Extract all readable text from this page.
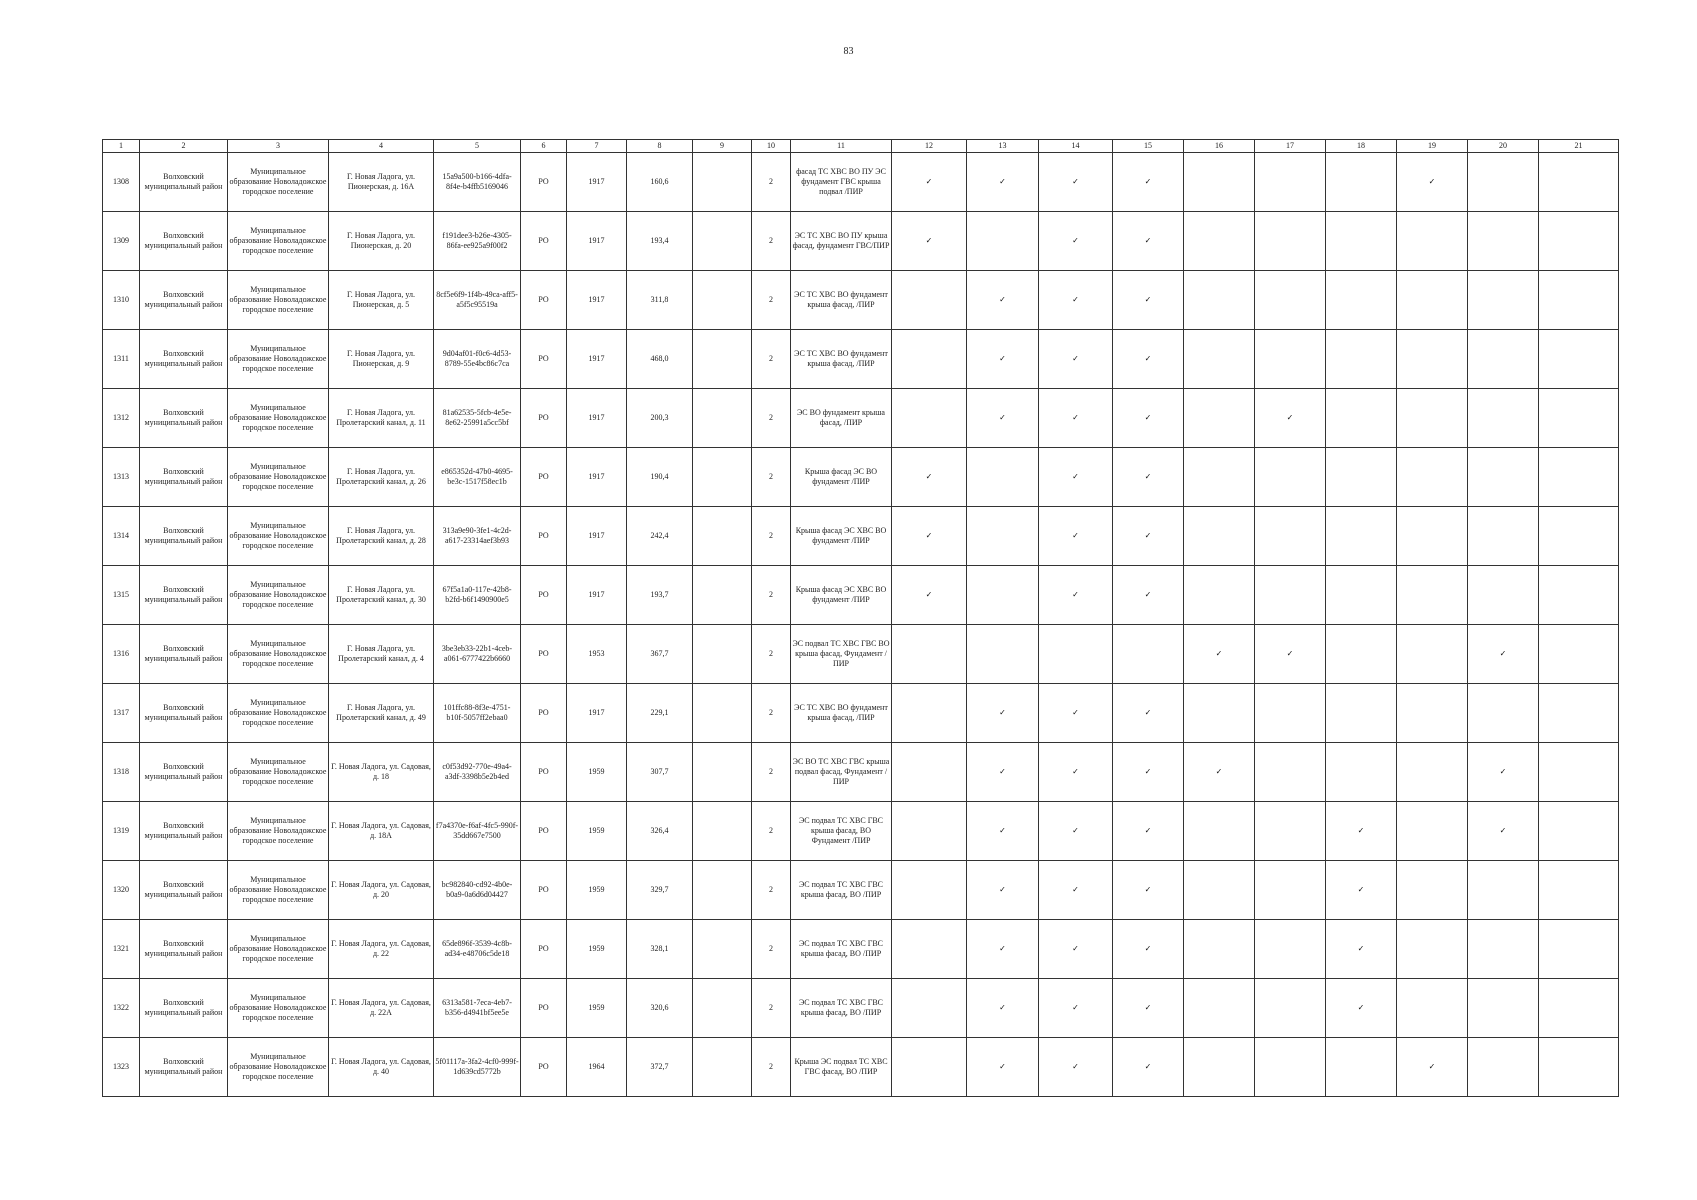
83
1	2	3	4	5	6	7	8	9	10	11	12	13	14	15	16	17	18	19	20	21
1308	Волховский муниципальный район	Муниципальное образование Новоладожское городское поселение	Г. Новая Ладога, ул. Пионерская, д. 16А	15a9a500-b166-4dfa-8f4e-b4ffb5169046	РО	1917	160,6		2	фасад ТС ХВС ВО ПУ ЭС фундамент ГВС крыша подвал /ПИР	✓	✓	✓	✓				✓		
1309	Волховский муниципальный район	Муниципальное образование Новоладожское городское поселение	Г. Новая Ладога, ул. Пионерская, д. 20	f191dee3-b26e-4305-86fa-ee925a9f00f2	РО	1917	193,4		2	ЭС ТС ХВС ВО ПУ крыша фасад, фундамент ГВС/ПИР	✓		✓	✓						
1310	Волховский муниципальный район	Муниципальное образование Новоладожское городское поселение	Г. Новая Ладога, ул. Пионерская, д. 5	8cf5e6f9-1f4b-49ca-aff5-a5f5c95519a	РО	1917	311,8		2	ЭС ТС ХВС ВО фундамент крыша фасад, /ПИР		✓	✓	✓						
1311	Волховский муниципальный район	Муниципальное образование Новоладожское городское поселение	Г. Новая Ладога, ул. Пионерская, д. 9	9d04af01-f0c6-4d53-8789-55e4bc86c7ca	РО	1917	468,0		2	ЭС ТС ХВС ВО фундамент крыша фасад, /ПИР		✓	✓	✓						
1312	Волховский муниципальный район	Муниципальное образование Новоладожское городское поселение	Г. Новая Ладога, ул. Пролетарский канал, д. 11	81a62535-5fcb-4e5e-8e62-25991a5cc5bf	РО	1917	200,3		2	ЭС ВО фундамент крыша фасад, /ПИР		✓	✓	✓		✓				
1313	Волховский муниципальный район	Муниципальное образование Новоладожское городское поселение	Г. Новая Ладога, ул. Пролетарский канал, д. 26	e865352d-47b0-4695-be3c-1517f58ec1b	РО	1917	190,4		2	Крыша фасад ЭС ВО фундамент /ПИР	✓		✓	✓						
1314	Волховский муниципальный район	Муниципальное образование Новоладожское городское поселение	Г. Новая Ладога, ул. Пролетарский канал, д. 28	313a9e90-3fe1-4c2d-a617-23314aef3b93	РО	1917	242,4		2	Крыша фасад ЭС ХВС ВО фундамент /ПИР	✓		✓	✓						
1315	Волховский муниципальный район	Муниципальное образование Новоладожское городское поселение	Г. Новая Ладога, ул. Пролетарский канал, д. 30	67f5a1a0-117e-42b8-b2fd-b6f1490900e5	РО	1917	193,7		2	Крыша фасад ЭС ХВС ВО фундамент /ПИР	✓		✓	✓						
1316	Волховский муниципальный район	Муниципальное образование Новоладожское городское поселение	Г. Новая Ладога, ул. Пролетарский канал, д. 4	3be3eb33-22b1-4ceb-a061-6777422b6660	РО	1953	367,7		2	ЭС подвал ТС ХВС ГВС ВО крыша фасад, Фундамент /ПИР					✓	✓			✓	
1317	Волховский муниципальный район	Муниципальное образование Новоладожское городское поселение	Г. Новая Ладога, ул. Пролетарский канал, д. 49	101ffc88-8f3e-4751-b10f-5057ff2ebaa0	РО	1917	229,1		2	ЭС ТС ХВС ВО фундамент крыша фасад, /ПИР		✓	✓	✓						
1318	Волховский муниципальный район	Муниципальное образование Новоладожское городское поселение	Г. Новая Ладога, ул. Садовая, д. 18	c0f53d92-770e-49a4-a3df-3398b5e2b4ed	РО	1959	307,7		2	ЭС ВО ТС ХВС ГВС крыша подвал фасад, Фундамент /ПИР		✓	✓	✓	✓				✓	
1319	Волховский муниципальный район	Муниципальное образование Новоладожское городское поселение	Г. Новая Ладога, ул. Садовая, д. 18А	f7a4370e-f6af-4fc5-990f-35dd667e7500	РО	1959	326,4		2	ЭС подвал ТС ХВС ГВС крыша фасад, ВО Фундамент /ПИР		✓	✓	✓			✓		✓	
1320	Волховский муниципальный район	Муниципальное образование Новоладожское городское поселение	Г. Новая Ладога, ул. Садовая, д. 20	bc982840-cd92-4b0e-b0a9-0a6d6d04427	РО	1959	329,7		2	ЭС подвал ТС ХВС ГВС крыша фасад, ВО /ПИР		✓	✓	✓			✓			
1321	Волховский муниципальный район	Муниципальное образование Новоладожское городское поселение	Г. Новая Ладога, ул. Садовая, д. 22	65de896f-3539-4c8b-ad34-e48706c5de18	РО	1959	328,1		2	ЭС подвал ТС ХВС ГВС крыша фасад, ВО /ПИР		✓	✓	✓			✓			
1322	Волховский муниципальный район	Муниципальное образование Новоладожское городское поселение	Г. Новая Ладога, ул. Садовая, д. 22А	6313a581-7eca-4eb7-b356-d4941bf5ee5e	РО	1959	320,6		2	ЭС подвал ТС ХВС ГВС крыша фасад, ВО /ПИР		✓	✓	✓			✓			
1323	Волховский муниципальный район	Муниципальное образование Новоладожское городское поселение	Г. Новая Ладога, ул. Садовая, д. 40	5f01117a-3fa2-4cf0-999f-1d639cd5772b	РО	1964	372,7		2	Крыша ЭС подвал ТС ХВС ГВС фасад, ВО /ПИР		✓	✓	✓				✓		
